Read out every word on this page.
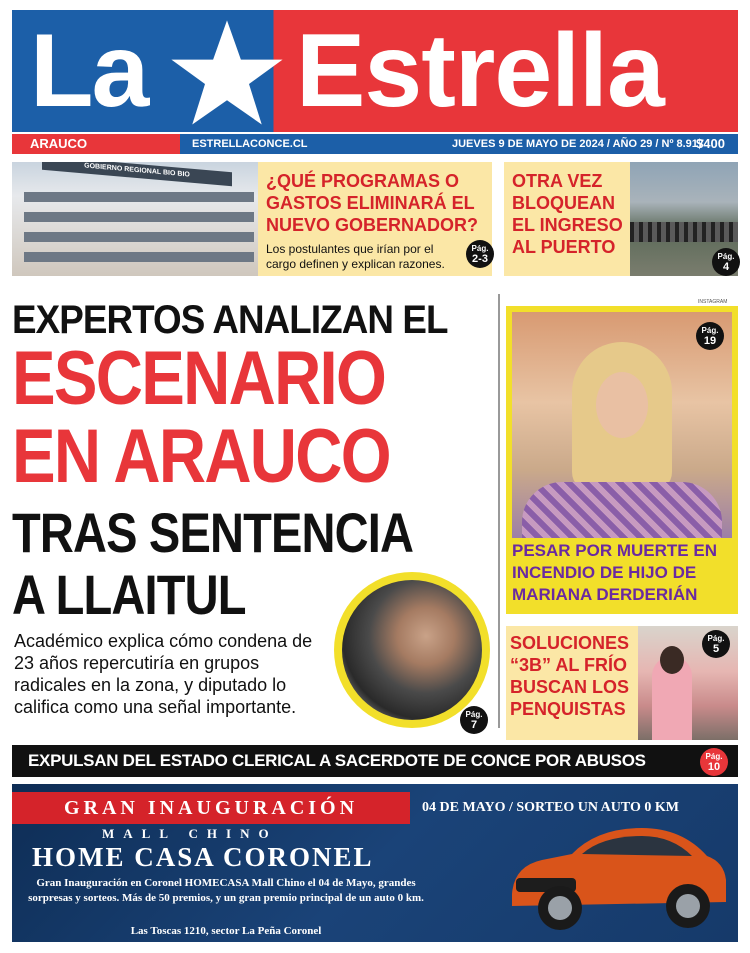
La Estrella
ARAUCO	ESTRELLACONCE.CL	JUEVES 9 DE MAYO DE 2024 / AÑO 29 / Nº 8.917
$400
GOBIERNO REGIONAL BIO BIO
¿QUÉ PROGRAMAS O GASTOS ELIMINARÁ EL NUEVO GOBERNADOR?
Los postulantes que irían por el cargo definen y explican razones.
Pág.
2-3
OTRA VEZ BLOQUEAN EL INGRESO AL PUERTO	Pág.
4
EXPERTOS ANALIZAN EL
ESCENARIO
EN ARAUCO
TRAS SENTENCIA
A LLAITUL
Académico explica cómo condena de 23 años repercutiría en grupos radicales en la zona, y diputado lo califica como una señal importante.	Pág.
7
INSTAGRAM
PESAR POR MUERTE EN INCENDIO DE HIJO DE MARIANA DERDERIÁN
Pág.
19
SOLUCIONES “3B” AL FRÍO BUSCAN LOS PENQUISTAS
Pág.
5
EXPULSAN DEL ESTADO CLERICAL A SACERDOTE DE CONCE POR ABUSOS	Pág.
10
GRAN INAUGURACIÓN	04 DE MAYO / SORTEO UN AUTO 0 KM
MALL CHINO
HOME CASA CORONEL
Gran Inauguración en Coronel HOMECASA Mall Chino el 04 de Mayo, grandes sorpresas y sorteos. Más de 50 premios, y un gran premio principal de un auto 0 km.
Las Toscas 1210, sector La Peña Coronel
